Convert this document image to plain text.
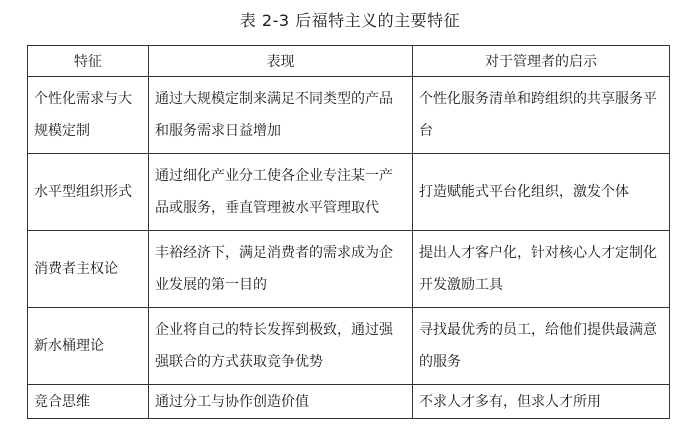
表 2-3 后福特主义的主要特征
特征	表现	对于管理者的启示
个性化需求与大规模定制	通过大规模定制来满足不同类型的产品和服务需求日益增加	个性化服务清单和跨组织的共享服务平台
水平型组织形式	通过细化产业分工使各企业专注某一产品或服务，垂直管理被水平管理取代	打造赋能式平台化组织，激发个体
消费者主权论	丰裕经济下，满足消费者的需求成为企业发展的第一目的	提出人才客户化，针对核心人才定制化开发激励工具
新水桶理论	企业将自己的特长发挥到极致，通过强强联合的方式获取竞争优势	寻找最优秀的员工，给他们提供最满意的服务
竞合思维	通过分工与协作创造价值	不求人才多有，但求人才所用
